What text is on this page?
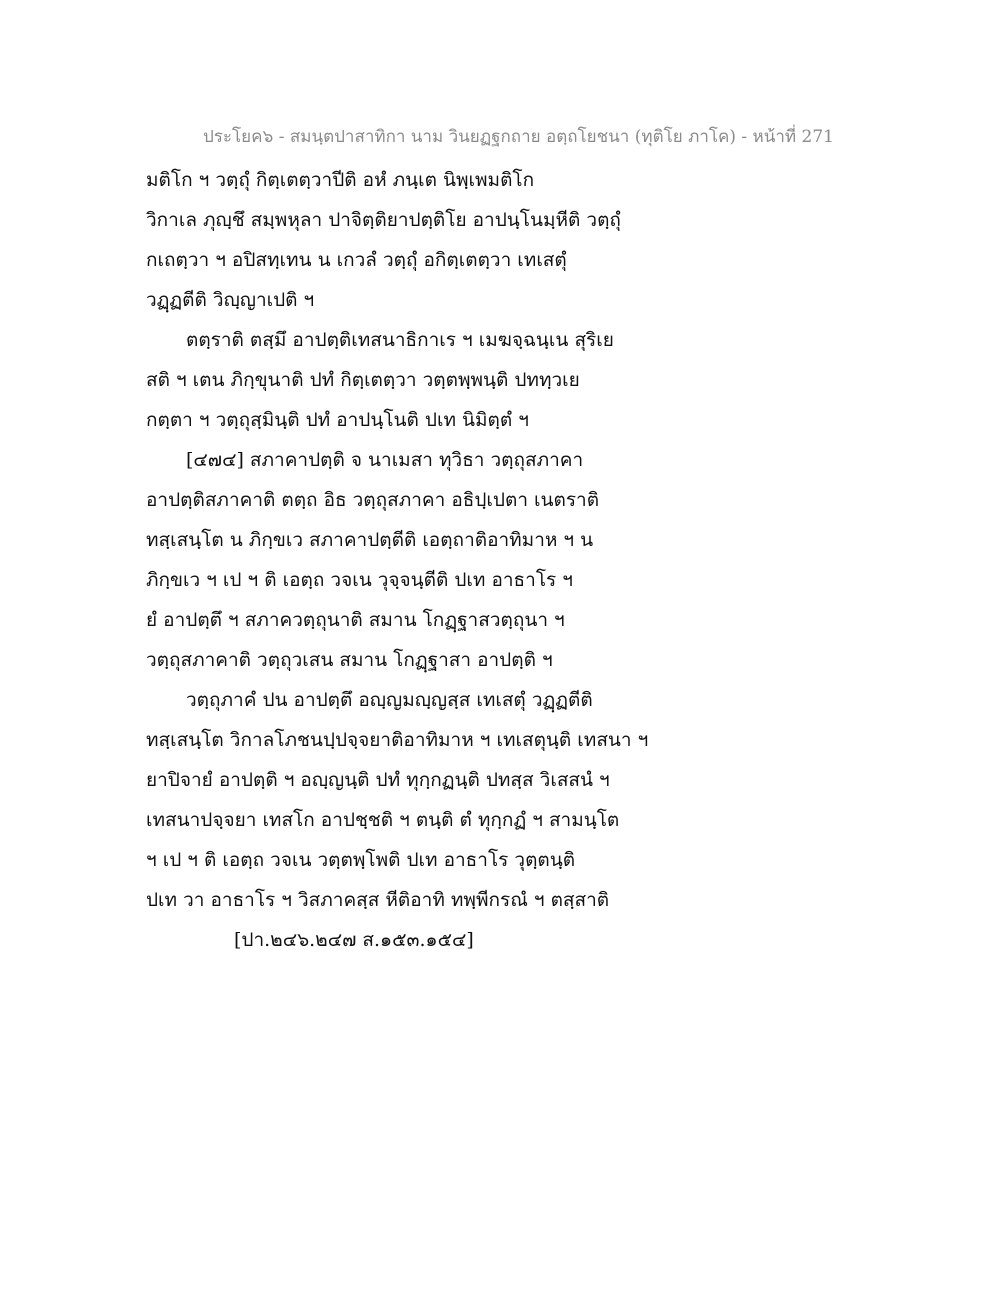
ประโยค๖ - สมนฺตปาสาทิกา นาม วินยฏฐกถาย อตฺถโยชนา (ทุติโย ภาโค) - หน้าที่ 271
มติโก ฯ วตฺถุํ กิตฺเตตฺวาปีติ อหํ ภนฺเต นิพฺเพมติโก
วิกาเล ภุญฺชึ สมฺพหุลา ปาจิตฺติยาปตฺติโย อาปนฺโนมฺหีติ วตฺถุํ
กเถตฺวา ฯ อปิสทฺเทน น เกวลํ วตฺถุํ อกิตฺเตตฺวา เทเสตุํ
วฏฺฏตีติ วิญฺญาเปติ ฯ
ตตฺราติ ตสฺมึ อาปตฺติเทสนาธิกาเร ฯ เมฆจฺฉนฺเน สุริเย
สติ ฯ เตน ภิกฺขุนาติ ปทํ กิตฺเตตฺวา วตฺตพฺพนฺติ ปททฺวเย
กตฺตา ฯ วตฺถุสฺมินฺติ ปทํ อาปนฺโนติ ปเท นิมิตฺตํ ฯ
[๔๗๔] สภาคาปตฺติ จ นาเมสา ทุวิธา วตฺถุสภาคา
อาปตฺติสภาคาติ ตตฺถ อิธ วตฺถุสภาคา อธิปฺเปตา เนตราติ
ทสฺเสนฺโต น ภิกฺขเว สภาคาปตฺตีติ เอตฺถาติอาทิมาห ฯ น
ภิกฺขเว ฯ เป ฯ ติ เอตฺถ วจเน วุจฺจนฺตีติ ปเท อาธาโร ฯ
ยํ อาปตฺตึ ฯ สภาควตฺถุนาติ สมาน โกฏฺฐาสวตฺถุนา ฯ
วตฺถุสภาคาติ วตฺถุวเสน สมาน โกฏฺฐาสา อาปตฺติ ฯ
วตฺถุภาคํ ปน อาปตฺตึ อญฺญมญฺญสฺส เทเสตุํ วฏฺฏตีติ
ทสฺเสนฺโต วิกาลโภชนปฺปจฺจยาติอาทิมาห ฯ เทเสตุนฺติ เทสนา ฯ
ยาปิจายํ อาปตฺติ ฯ อญฺญนฺติ ปทํ ทุกฺกฏนฺติ ปทสฺส วิเสสนํ ฯ
เทสนาปจฺจยา เทสโก อาปชฺชติ ฯ ตนฺติ ตํ ทุกฺกฏํ ฯ สามนฺโต
ฯ เป ฯ ติ เอตฺถ วจเน วตฺตพฺโพติ ปเท อาธาโร วุตฺตนฺติ
ปเท วา อาธาโร ฯ วิสภาคสฺส หีติอาทิ ทพฺพีกรณํ ฯ ตสฺสาติ
[ปา.๒๔๖.๒๔๗ ส.๑๕๓.๑๕๔]
